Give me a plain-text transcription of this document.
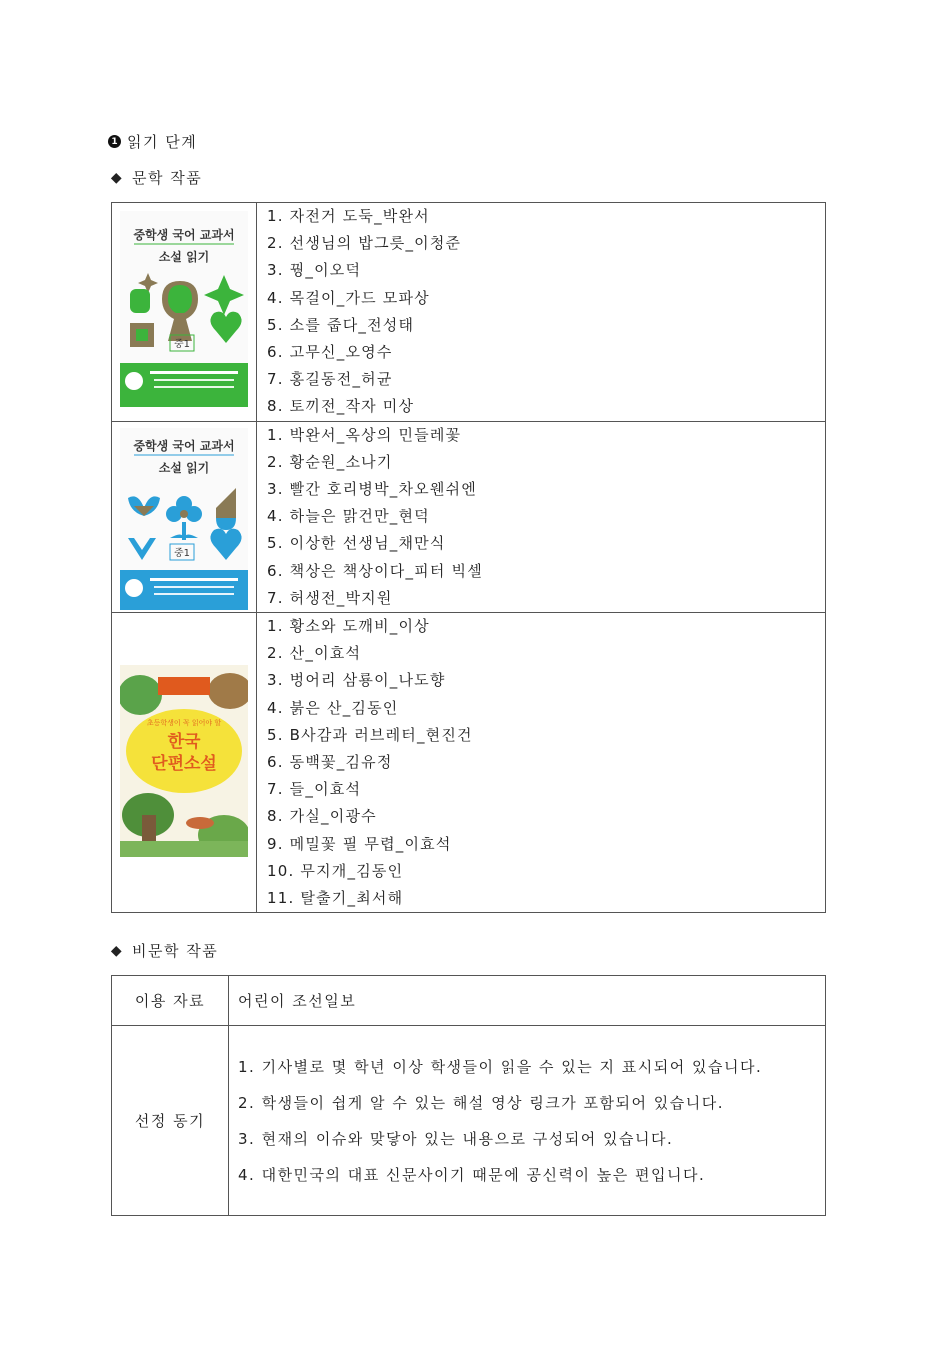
1 읽기 단계
◆ 문학 작품
중학생 국어 교과서
소설 읽기
중1

1. 자전거 도둑_박완서
2. 선생님의 밥그릇_이청준
3. 꿩_이오덕
4. 목걸이_가드 모파상
5. 소를 줍다_전성태
6. 고무신_오영수
7. 홍길동전_허균
8. 토끼전_작자 미상

중학생 국어 교과서
소설 읽기
중1

1. 박완서_옥상의 민들레꽃
2. 황순원_소나기
3. 빨간 호리병박_차오웬쉬엔
4. 하늘은 맑건만_현덕
5. 이상한 선생님_채만식
6. 책상은 책상이다_피터 빅셀
7. 허생전_박지원

초등학생이 꼭 읽어야 할
한국
단편소설

1. 황소와 도깨비_이상
2. 산_이효석
3. 벙어리 삼룡이_나도향
4. 붉은 산_김동인
5. B사감과 러브레터_현진건
6. 동백꽃_김유정
7. 들_이효석
8. 가실_이광수
9. 메밀꽃 필 무렵_이효석
10. 무지개_김동인
11. 탈출기_최서해
◆ 비문학 작품
이용 자료	어린이 조선일보
선정 동기	1. 기사별로 몇 학년 이상 학생들이 읽을 수 있는 지 표시되어 있습니다.
2. 학생들이 쉽게 알 수 있는 해설 영상 링크가 포함되어 있습니다.
3. 현재의 이슈와 맞닿아 있는 내용으로 구성되어 있습니다.
4. 대한민국의 대표 신문사이기 때문에 공신력이 높은 편입니다.
